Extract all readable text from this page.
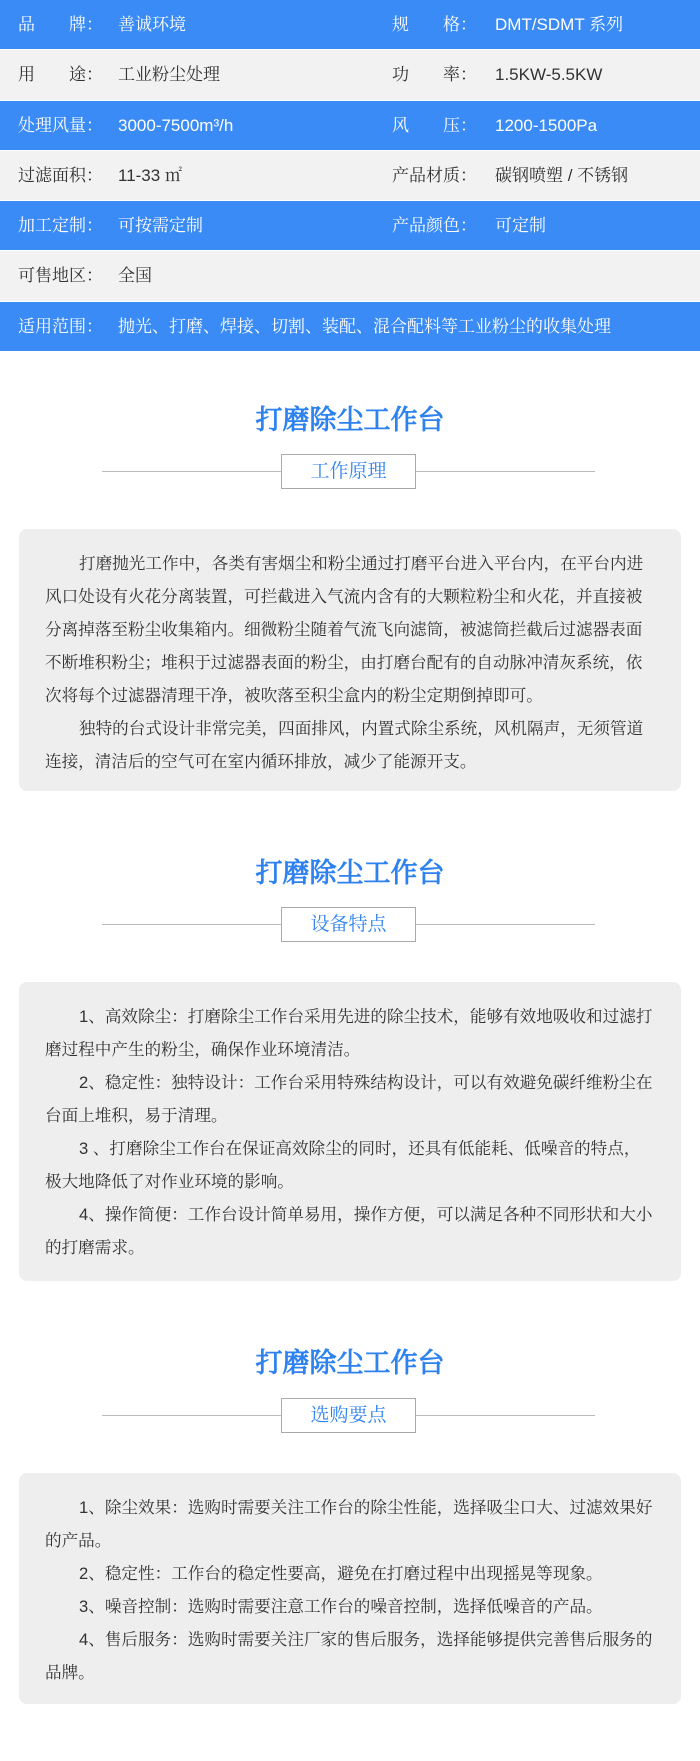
品　　牌： 善诚环境	规　　格： DMT/SDMT 系列
用　　途： 工业粉尘处理	功　　率： 1.5KW-5.5KW
处理风量： 3000-7500m³/h	风　　压： 1200-1500Pa
过滤面积： 11-33 ㎡	产品材质： 碳钢喷塑 / 不锈钢
加工定制： 可按需定制	产品颜色： 可定制
可售地区： 全国
适用范围： 抛光、打磨、焊接、切割、装配、混合配料等工业粉尘的收集处理
打磨除尘工作台
工作原理

打磨抛光工作中，各类有害烟尘和粉尘通过打磨平台进入平台内，在平台内进风口处设有火花分离装置，可拦截进入气流内含有的大颗粒粉尘和火花，并直接被分离掉落至粉尘收集箱内。细微粉尘随着气流飞向滤筒，被滤筒拦截后过滤器表面不断堆积粉尘；堆积于过滤器表面的粉尘，由打磨台配有的自动脉冲清灰系统，依次将每个过滤器清理干净，被吹落至积尘盒内的粉尘定期倒掉即可。

独特的台式设计非常完美，四面排风，内置式除尘系统，风机隔声，无须管道连接，清洁后的空气可在室内循环排放，减少了能源开支。

打磨除尘工作台
设备特点

1、高效除尘：打磨除尘工作台采用先进的除尘技术，能够有效地吸收和过滤打磨过程中产生的粉尘，确保作业环境清洁。

2、稳定性：独特设计：工作台采用特殊结构设计，可以有效避免碳纤维粉尘在台面上堆积，易于清理。

3 、打磨除尘工作台在保证高效除尘的同时，还具有低能耗、低噪音的特点，极大地降低了对作业环境的影响。

4、操作简便：工作台设计简单易用，操作方便，可以满足各种不同形状和大小的打磨需求。

打磨除尘工作台
选购要点

1、除尘效果：选购时需要关注工作台的除尘性能，选择吸尘口大、过滤效果好的产品。

2、稳定性：工作台的稳定性要高，避免在打磨过程中出现摇晃等现象。

3、噪音控制：选购时需要注意工作台的噪音控制，选择低噪音的产品。

4、售后服务：选购时需要关注厂家的售后服务，选择能够提供完善售后服务的品牌。
